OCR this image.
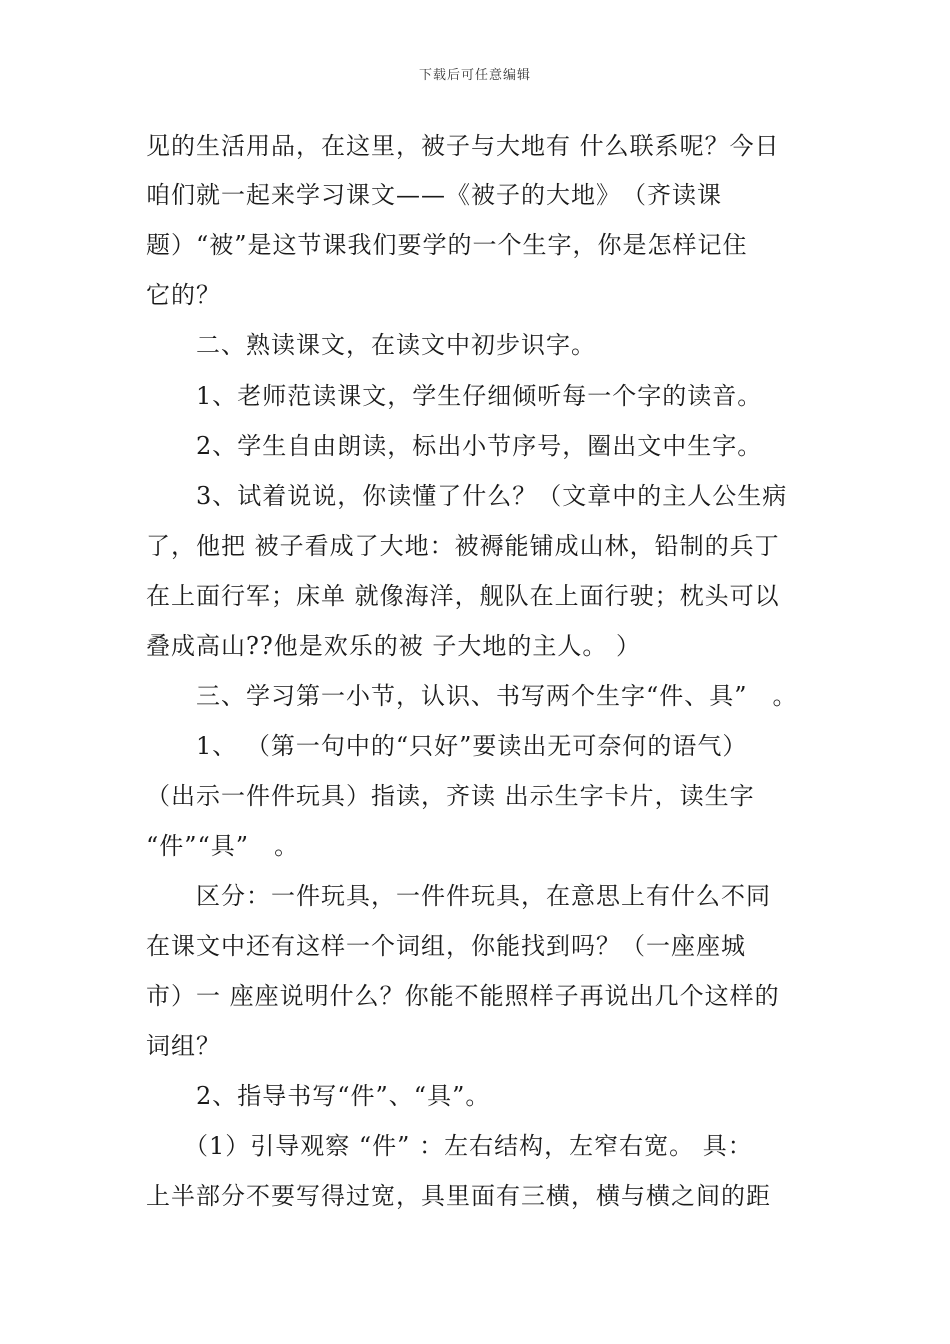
下载后可任意编辑
见的生活用品，在这里，被子与大地有 什么联系呢？今日
咱们就一起来学习课文——《被子的大地》　（齐读课
题）“被”是这节课我们要学的一个生字，你是怎样记住
它的？
　　二、熟读课文，在读文中初步识字。
　　1、老师范读课文，学生仔细倾听每一个字的读音。
　　2、学生自由朗读，标出小节序号，圈出文中生字。
　　3、试着说说，你读懂了什么？（文章中的主人公生病
了，他把 被子看成了大地：被褥能铺成山林，铅制的兵丁
在上面行军；床单 就像海洋，舰队在上面行驶；枕头可以
叠成高山??他是欢乐的被 子大地的主人。 ）
　　三、学习第一小节，认识、书写两个生字“件、具”　。
　　1、 （第一句中的“只好”要读出无可奈何的语气）
（出示一件件玩具）指读，齐读 出示生字卡片，读生字
“件”“具”　。
　　区分：一件玩具，一件件玩具，在意思上有什么不同
在课文中还有这样一个词组，你能找到吗？（一座座城
市）一 座座说明什么？你能不能照样子再说出几个这样的
词组？
　　2、指导书写“件”、“具”。
　　（1）引导观察 “件” ：左右结构，左窄右宽。 具：
上半部分不要写得过宽，具里面有三横，横与横之间的距
